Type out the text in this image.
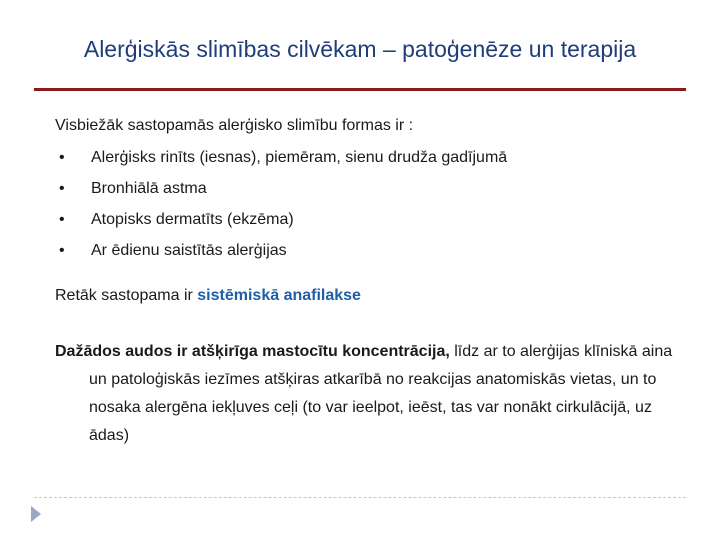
Alerģiskās slimības cilvēkam – patoģenēze un terapija

Visbiežāk sastopamās alerģisko slimību formas ir :

•	Alerģisks rinīts (iesnas), piemēram, sienu drudža gadījumā
•	Bronhiālā astma
•	Atopisks dermatīts (ekzēma)
•	Ar ēdienu saistītās alerģijas

Retāk sastopama ir sistēmiskā anafilakse

Dažādos audos ir atšķirīga mastocītu koncentrācija, līdz ar to alerģijas klīniskā aina un patoloģiskās iezīmes atšķiras atkarībā no reakcijas anatomiskās vietas, un to nosaka alergēna iekļuves ceļi (to var ieelpot, ieēst, tas var nonākt cirkulācijā, uz ādas)
